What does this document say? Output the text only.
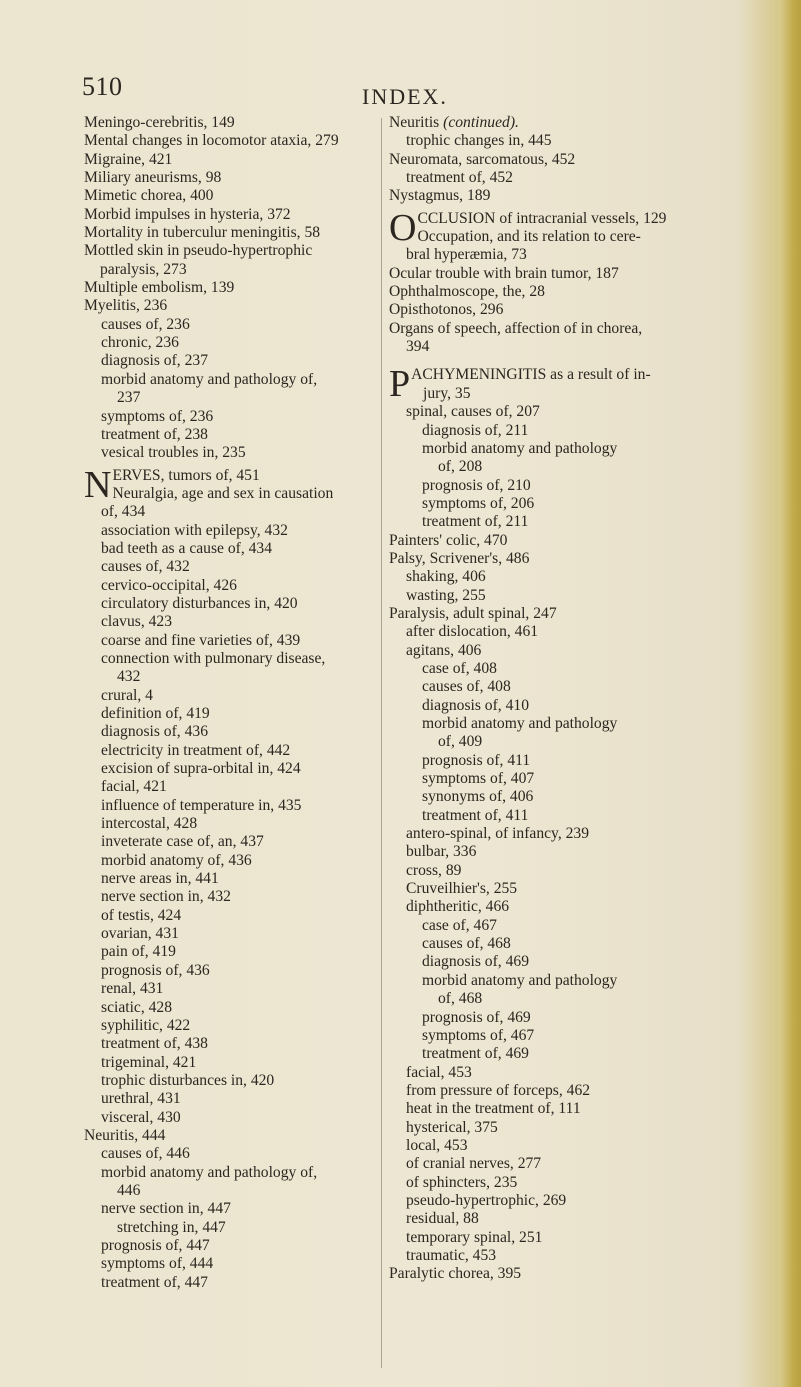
510	INDEX.
Meningo-cerebritis, 149
Mental changes in locomotor ataxia, 279
Migraine, 421
Miliary aneurisms, 98
Mimetic chorea, 400
Morbid impulses in hysteria, 372
Mortality in tuberculur meningitis, 58
Mottled skin in pseudo-hypertrophic
paralysis, 273
Multiple embolism, 139
Myelitis, 236
causes of, 236
chronic, 236
diagnosis of, 237
morbid anatomy and pathology of,
237
symptoms of, 236
treatment of, 238
vesical troubles in, 235
NERVES, tumors of, 451
Neuralgia, age and sex in causation
of, 434
association with epilepsy, 432
bad teeth as a cause of, 434
causes of, 432
cervico-occipital, 426
circulatory disturbances in, 420
clavus, 423
coarse and fine varieties of, 439
connection with pulmonary disease,
432
crural, 4
definition of, 419
diagnosis of, 436
electricity in treatment of, 442
excision of supra-orbital in, 424
facial, 421
influence of temperature in, 435
intercostal, 428
inveterate case of, an, 437
morbid anatomy of, 436
nerve areas in, 441
nerve section in, 432
of testis, 424
ovarian, 431
pain of, 419
prognosis of, 436
renal, 431
sciatic, 428
syphilitic, 422
treatment of, 438
trigeminal, 421
trophic disturbances in, 420
urethral, 431
visceral, 430
Neuritis, 444
causes of, 446
morbid anatomy and pathology of,
446
nerve section in, 447
stretching in, 447
prognosis of, 447
symptoms of, 444
treatment of, 447
Neuritis (continued).
trophic changes in, 445
Neuromata, sarcomatous, 452
treatment of, 452
Nystagmus, 189
OCCLUSION of intracranial vessels, 129
Occupation, and its relation to cere-
bral hyperæmia, 73
Ocular trouble with brain tumor, 187
Ophthalmoscope, the, 28
Opisthotonos, 296
Organs of speech, affection of in chorea,
394
PACHYMENINGITIS as a result of in-
jury, 35
spinal, causes of, 207
diagnosis of, 211
morbid anatomy and pathology
of, 208
prognosis of, 210
symptoms of, 206
treatment of, 211
Painters' colic, 470
Palsy, Scrivener's, 486
shaking, 406
wasting, 255
Paralysis, adult spinal, 247
after dislocation, 461
agitans, 406
case of, 408
causes of, 408
diagnosis of, 410
morbid anatomy and pathology
of, 409
prognosis of, 411
symptoms of, 407
synonyms of, 406
treatment of, 411
antero-spinal, of infancy, 239
bulbar, 336
cross, 89
Cruveilhier's, 255
diphtheritic, 466
case of, 467
causes of, 468
diagnosis of, 469
morbid anatomy and pathology
of, 468
prognosis of, 469
symptoms of, 467
treatment of, 469
facial, 453
from pressure of forceps, 462
heat in the treatment of, 111
hysterical, 375
local, 453
of cranial nerves, 277
of sphincters, 235
pseudo-hypertrophic, 269
residual, 88
temporary spinal, 251
traumatic, 453
Paralytic chorea, 395
